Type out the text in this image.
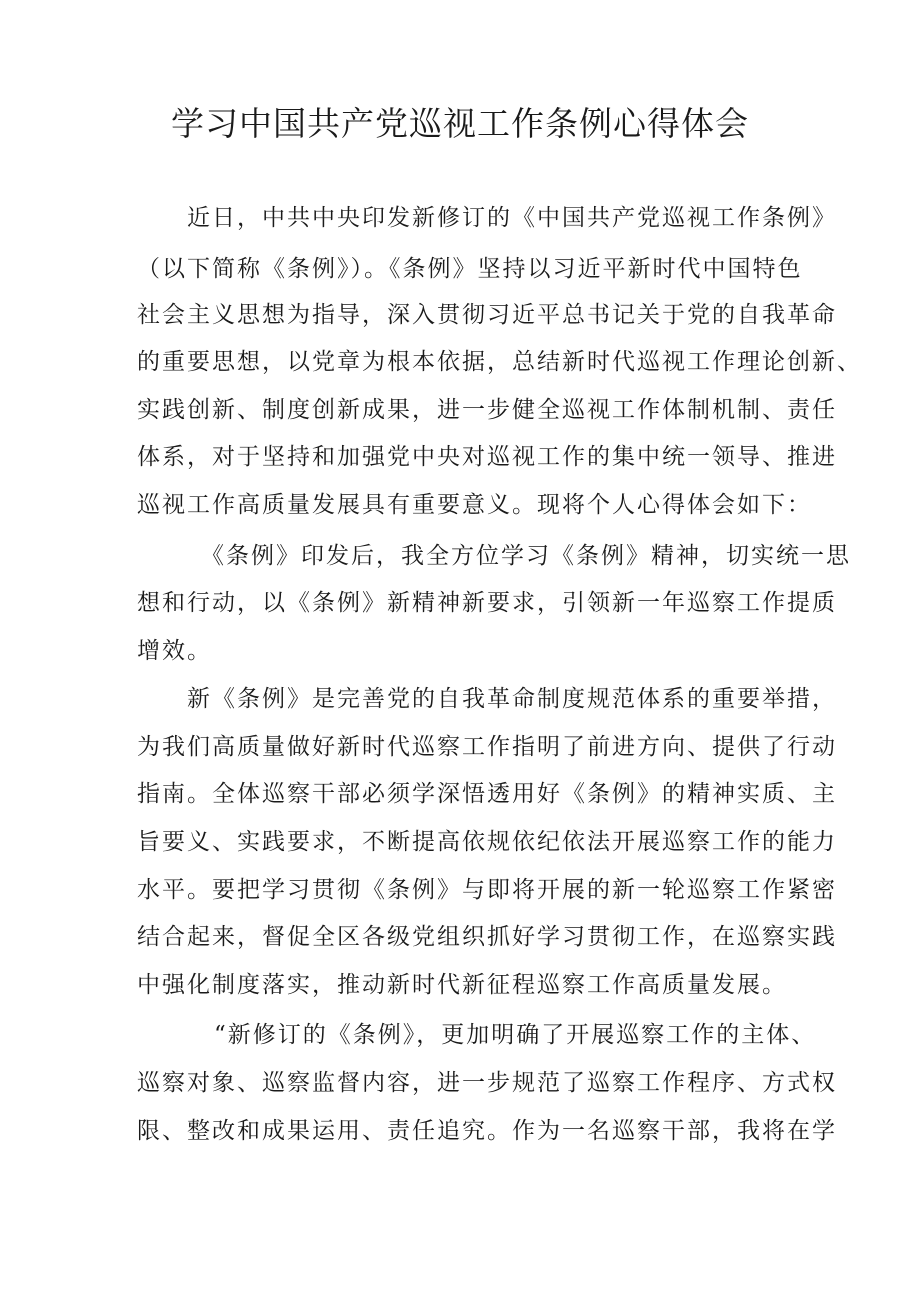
学习中国共产党巡视工作条例心得体会
近日，中共中央印发新修订的《中国共产党巡视工作条例》
（以下简称《条例》）。《条例》坚持以习近平新时代中国特色
社会主义思想为指导，深入贯彻习近平总书记关于党的自我革命
的重要思想，以党章为根本依据，总结新时代巡视工作理论创新、
实践创新、制度创新成果，进一步健全巡视工作体制机制、责任
体系，对于坚持和加强党中央对巡视工作的集中统一领导、推进
巡视工作高质量发展具有重要意义。现将个人心得体会如下：
《条例》印发后，我全方位学习《条例》精神，切实统一思
想和行动，以《条例》新精神新要求，引领新一年巡察工作提质
增效。
新《条例》是完善党的自我革命制度规范体系的重要举措，
为我们高质量做好新时代巡察工作指明了前进方向、提供了行动
指南。全体巡察干部必须学深悟透用好《条例》的精神实质、主
旨要义、实践要求，不断提高依规依纪依法开展巡察工作的能力
水平。要把学习贯彻《条例》与即将开展的新一轮巡察工作紧密
结合起来，督促全区各级党组织抓好学习贯彻工作，在巡察实践
中强化制度落实，推动新时代新征程巡察工作高质量发展。
“新修订的《条例》，更加明确了开展巡察工作的主体、
巡察对象、巡察监督内容，进一步规范了巡察工作程序、方式权
限、整改和成果运用、责任追究。作为一名巡察干部，我将在学
